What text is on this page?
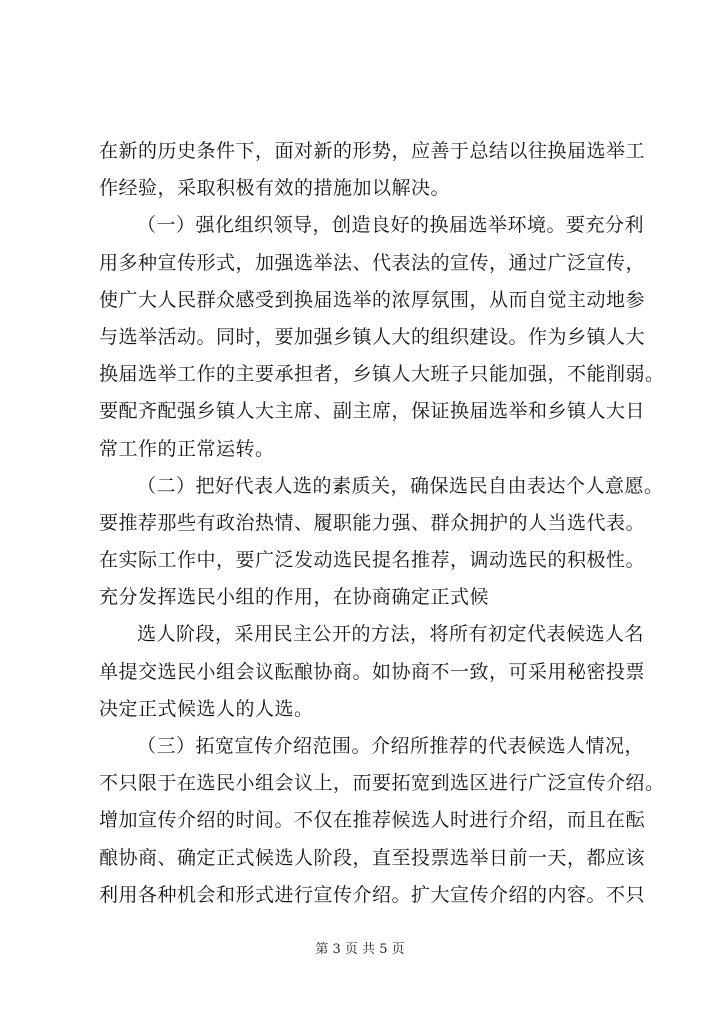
在新的历史条件下，面对新的形势，应善于总结以往换届选举工
作经验，采取积极有效的措施加以解决。
（一）强化组织领导，创造良好的换届选举环境。要充分利
用多种宣传形式，加强选举法、代表法的宣传，通过广泛宣传，
使广大人民群众感受到换届选举的浓厚氛围，从而自觉主动地参
与选举活动。同时，要加强乡镇人大的组织建设。作为乡镇人大
换届选举工作的主要承担者，乡镇人大班子只能加强，不能削弱。
要配齐配强乡镇人大主席、副主席，保证换届选举和乡镇人大日
常工作的正常运转。
（二）把好代表人选的素质关，确保选民自由表达个人意愿。
要推荐那些有政治热情、履职能力强、群众拥护的人当选代表。
在实际工作中，要广泛发动选民提名推荐，调动选民的积极性。
充分发挥选民小组的作用，在协商确定正式候
选人阶段，采用民主公开的方法，将所有初定代表候选人名
单提交选民小组会议酝酿协商。如协商不一致，可采用秘密投票
决定正式候选人的人选。
（三）拓宽宣传介绍范围。介绍所推荐的代表候选人情况，
不只限于在选民小组会议上，而要拓宽到选区进行广泛宣传介绍。
增加宣传介绍的时间。不仅在推荐候选人时进行介绍，而且在酝
酿协商、确定正式候选人阶段，直至投票选举日前一天，都应该
利用各种机会和形式进行宣传介绍。扩大宣传介绍的内容。不只
第 3 页 共 5 页
